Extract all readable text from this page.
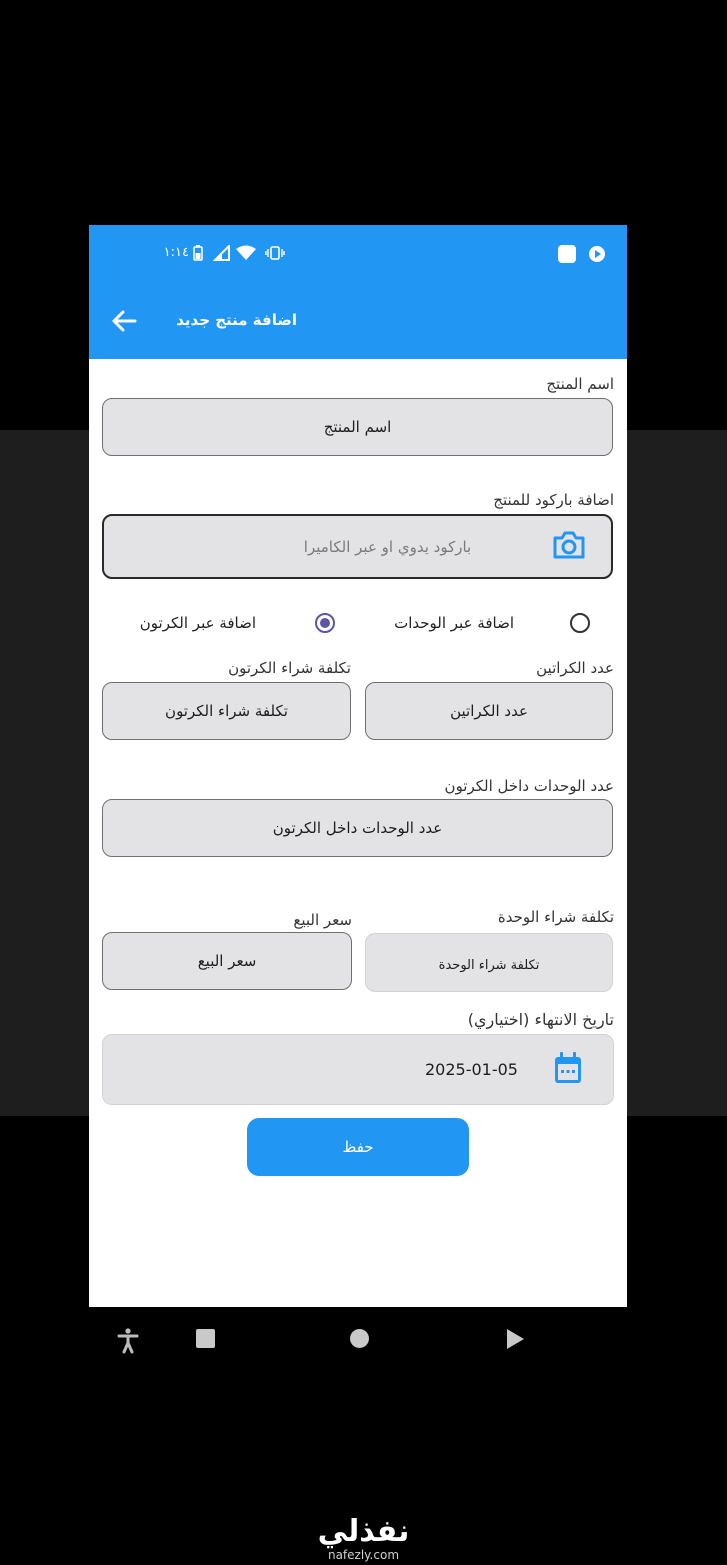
١:١٤
اضافة منتج جديد
اسم المنتج
اسم المنتج
اضافة باركود للمنتج
باركود يدوي او عبر الكاميرا
اضافة عبر الوحدات
اضافة عبر الكرتون
عدد الكراتين
عدد الكراتين
تكلفة شراء الكرتون
تكلفة شراء الكرتون
عدد الوحدات داخل الكرتون
عدد الوحدات داخل الكرتون
تكلفة شراء الوحدة
تكلفة شراء الوحدة
سعر البيع
سعر البيع
تاريخ الانتهاء (اختياري)
2025-01-05
حفظ
نفذلي
nafezly.com
